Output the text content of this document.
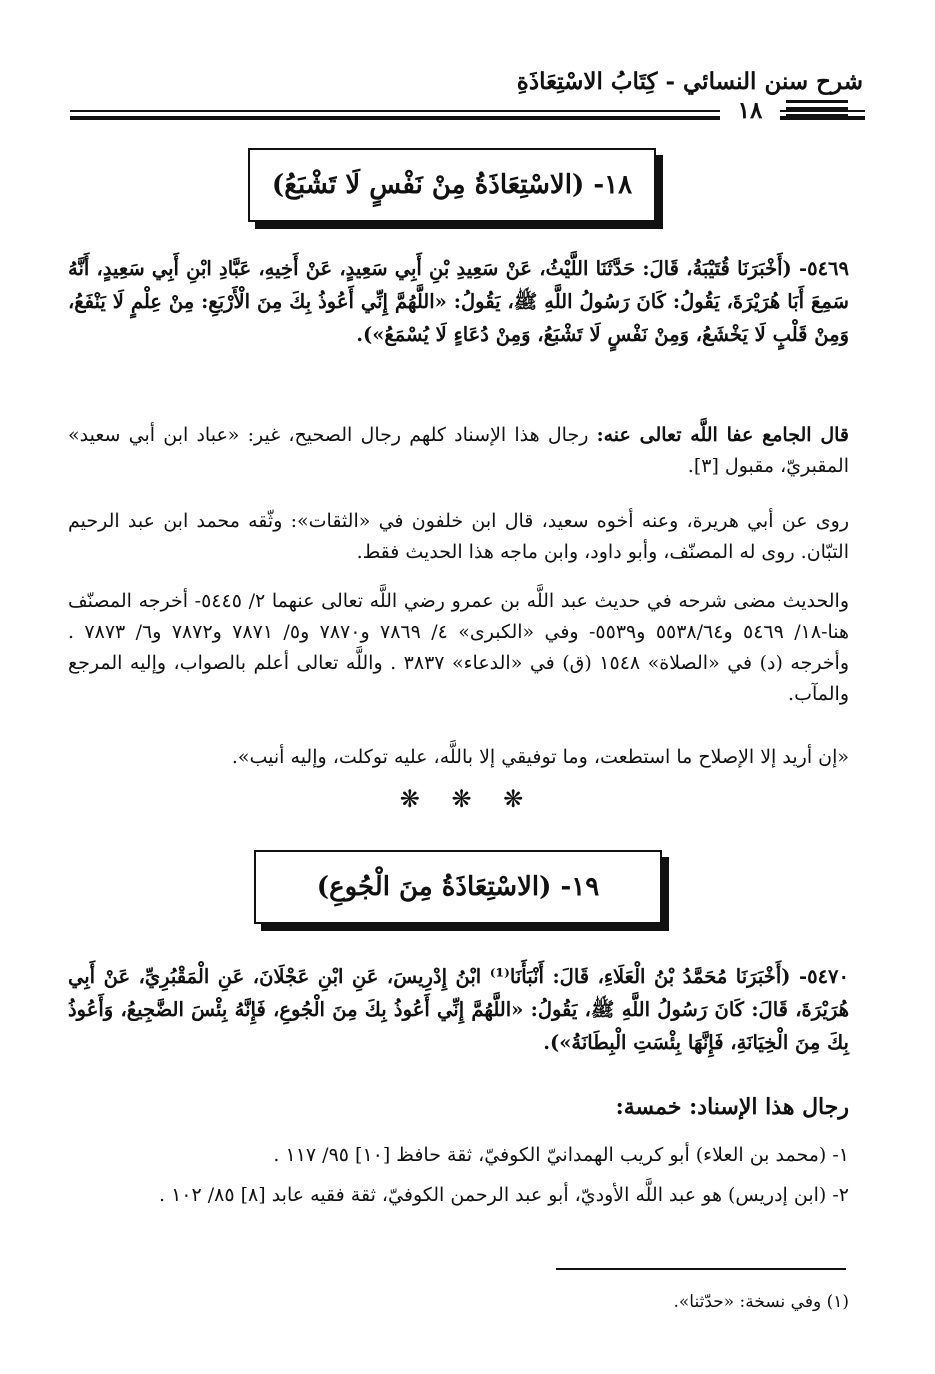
شرح سنن النسائي - كِتَابُ الاسْتِعَاذَةِ
١٨
١٨- (الاسْتِعَاذَةُ مِنْ نَفْسٍ لَا تَشْبَعُ)
٥٤٦٩- (أَخْبَرَنَا قُتَيْبَةُ، قَالَ: حَدَّثَنَا اللَّيْثُ، عَنْ سَعِيدِ بْنِ أَبِي سَعِيدٍ، عَنْ أَخِيهِ، عَبَّادِ ابْنِ أَبِي سَعِيدٍ، أَنَّهُ سَمِعَ أَبَا هُرَيْرَةَ، يَقُولُ: كَانَ رَسُولُ اللَّهِ ﷺ، يَقُولُ: «اللَّهُمَّ إِنِّي أَعُوذُ بِكَ مِنَ الْأَرْبَعِ: مِنْ عِلْمٍ لَا يَنْفَعُ، وَمِنْ قَلْبٍ لَا يَخْشَعُ، وَمِنْ نَفْسٍ لَا تَشْبَعُ، وَمِنْ دُعَاءٍ لَا يُسْمَعُ»).
قال الجامع عفا اللَّه تعالى عنه: رجال هذا الإسناد كلهم رجال الصحيح، غير: «عباد ابن أبي سعيد» المقبريّ، مقبول [٣].
روى عن أبي هريرة، وعنه أخوه سعيد، قال ابن خلفون في «الثقات»: وثّقه محمد ابن عبد الرحيم التبّان. روى له المصنّف، وأبو داود، وابن ماجه هذا الحديث فقط.
والحديث مضى شرحه في حديث عبد اللَّه بن عمرو رضي اللَّه تعالى عنهما ٢/ ٥٤٤٥- أخرجه المصنّف هنا-١٨/ ٥٤٦٩ و٥٥٣٨/٦٤ و٥٥٣٩- وفي «الكبرى» ٤/ ٧٨٦٩ و٧٨٧٠ و٥/ ٧٨٧١ و٧٨٧٢ و٦/ ٧٨٧٣ . وأخرجه (د) في «الصلاة» ١٥٤٨ (ق) في «الدعاء» ٣٨٣٧ . واللَّه تعالى أعلم بالصواب، وإليه المرجع والمآب.
«إن أريد إلا الإصلاح ما استطعت، وما توفيقي إلا باللَّه، عليه توكلت، وإليه أنيب».
❋ ❋ ❋
١٩- (الاسْتِعَاذَةُ مِنَ الْجُوعِ)
٥٤٧٠- (أَخْبَرَنَا مُحَمَّدُ بْنُ الْعَلَاءِ، قَالَ: أَنْبَأَنَا⁽¹⁾ ابْنُ إِدْرِيسَ، عَنِ ابْنِ عَجْلَانَ، عَنِ الْمَقْبُرِيِّ، عَنْ أَبِي هُرَيْرَةَ، قَالَ: كَانَ رَسُولُ اللَّهِ ﷺ، يَقُولُ: «اللَّهُمَّ إِنِّي أَعُوذُ بِكَ مِنَ الْجُوعِ، فَإِنَّهُ بِئْسَ الضَّجِيعُ، وَأَعُوذُ بِكَ مِنَ الْخِيَانَةِ، فَإِنَّهَا بِئْسَتِ الْبِطَانَةُ»).
رجال هذا الإسناد: خمسة:
١- (محمد بن العلاء) أبو كريب الهمدانيّ الكوفيّ، ثقة حافظ [١٠] ٩٥/ ١١٧ .
٢- (ابن إدريس) هو عبد اللَّه الأوديّ، أبو عبد الرحمن الكوفيّ، ثقة فقيه عابد [٨] ٨٥/ ١٠٢ .
(١) وفي نسخة: «حدّثنا».
